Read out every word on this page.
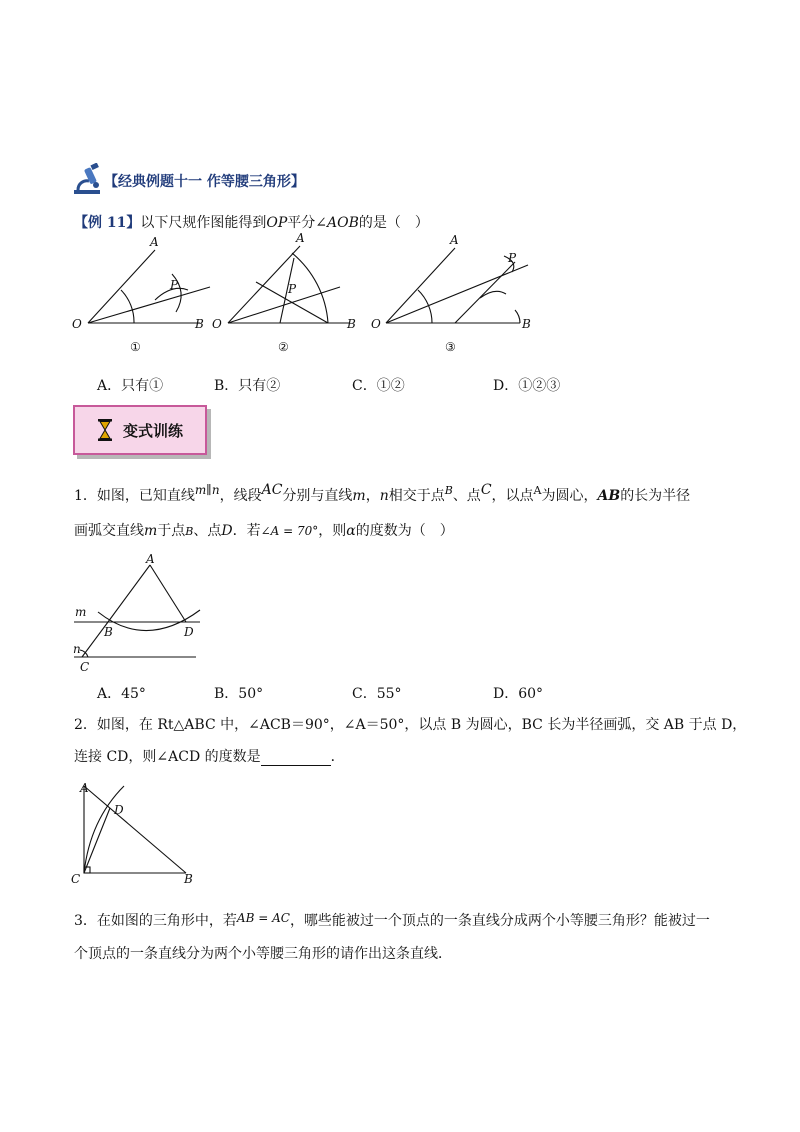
【经典例题十一 作等腰三角形】
【例 11】以下尺规作图能得到OP平分∠AOB的是（　）
O
A
B
P
O
A
B
P
O
A
B
P
①	②	③
A．只有①	B．只有②	C．①②	D．①②③
变式训练
1．如图，已知直线m∥n，线段AC分别与直线m，n相交于点$^B$、点C，以点$^A$为圆心，AB的长为半径
画弧交直线m于点B、点D．若∠A = 70°，则α的度数为（　）
A
m
B	D
n
C
A．45°	B．50°	C．55°	D．60°
2．如图，在 Rt△ABC 中，∠ACB＝90°，∠A＝50°，以点 B 为圆心，BC 长为半径画弧，交 AB 于点 D，
连接 CD，则∠ACD 的度数是	．
A
D
C	B
3．在如图的三角形中，若AB = AC，哪些能被过一个顶点的一条直线分成两个小等腰三角形？能被过一
个顶点的一条直线分为两个小等腰三角形的请作出这条直线．
